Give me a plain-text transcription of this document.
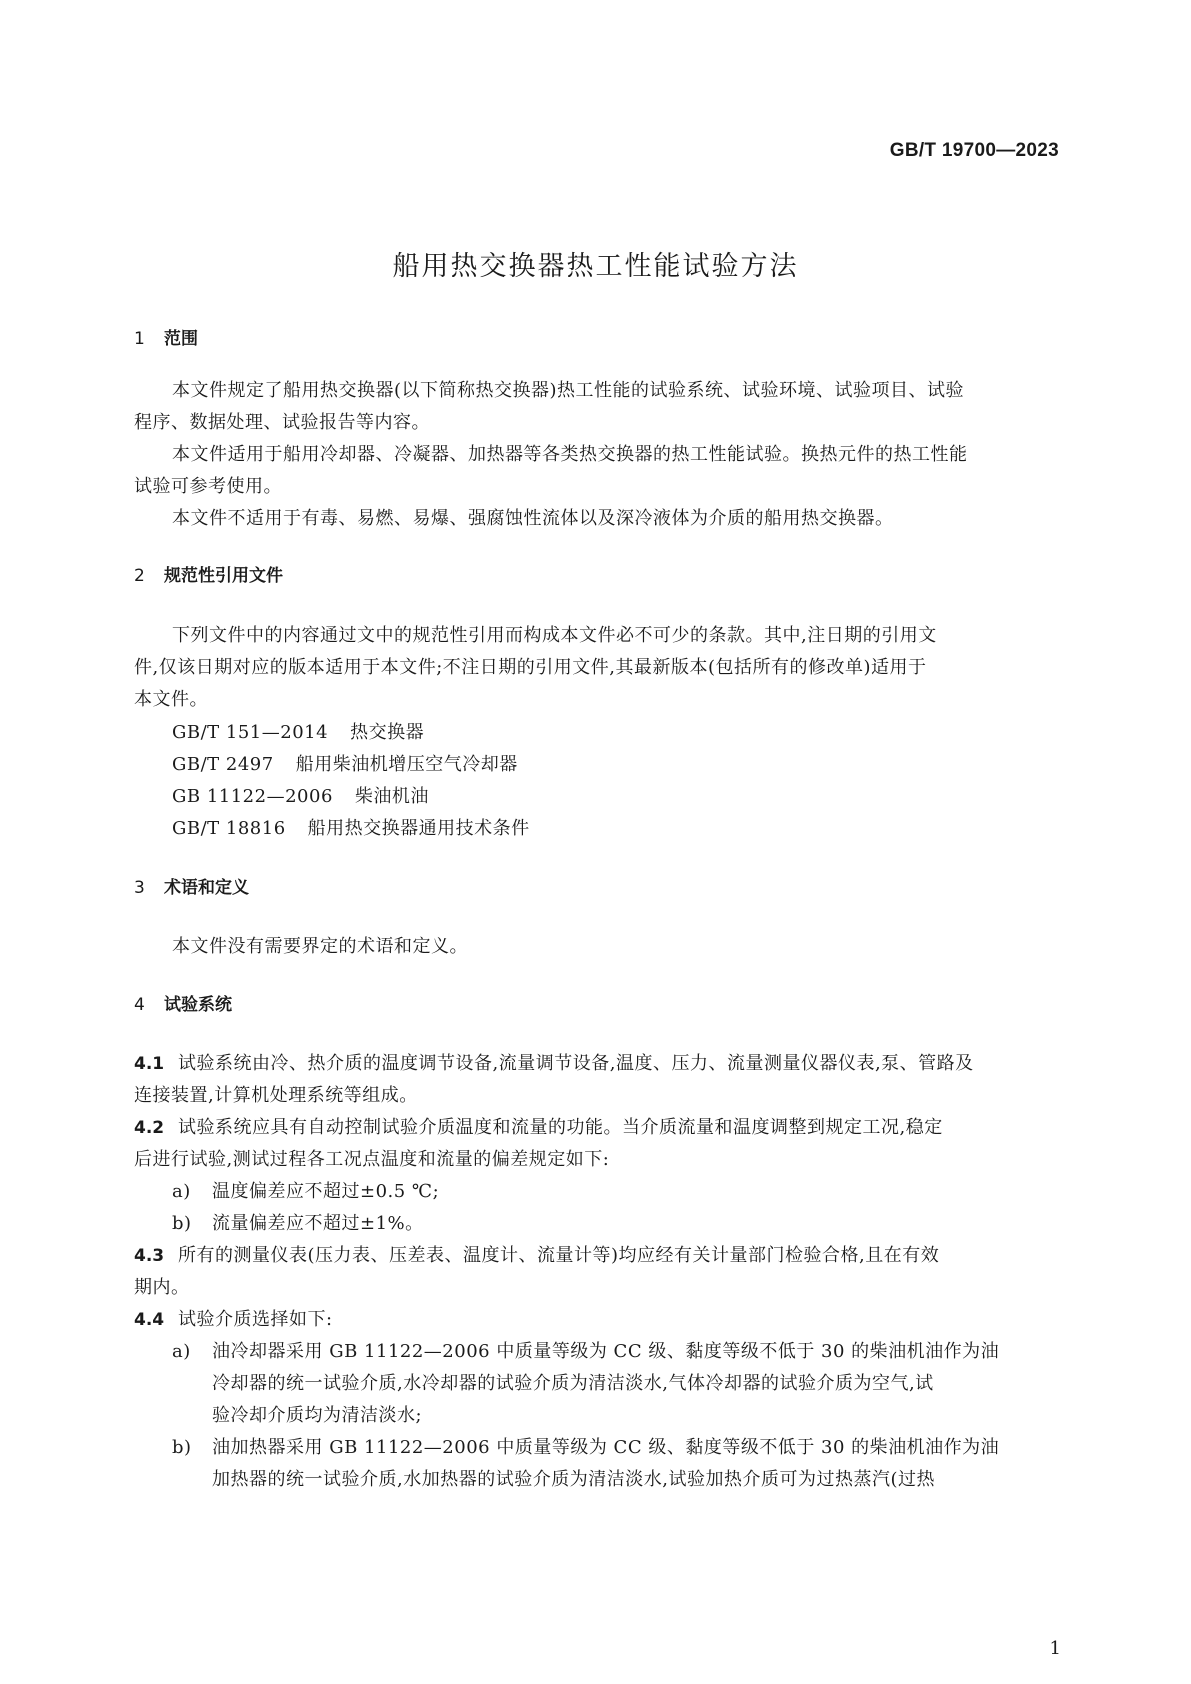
GB/T 19700—2023
船用热交换器热工性能试验方法
1 范围
本文件规定了船用热交换器(以下简称热交换器)热工性能的试验系统、试验环境、试验项目、试验
程序、数据处理、试验报告等内容。
本文件适用于船用冷却器、冷凝器、加热器等各类热交换器的热工性能试验。换热元件的热工性能
试验可参考使用。
本文件不适用于有毒、易燃、易爆、强腐蚀性流体以及深冷液体为介质的船用热交换器。
2 规范性引用文件
下列文件中的内容通过文中的规范性引用而构成本文件必不可少的条款。其中,注日期的引用文
件,仅该日期对应的版本适用于本文件;不注日期的引用文件,其最新版本(包括所有的修改单)适用于
本文件。
GB/T 151—2014 热交换器
GB/T 2497 船用柴油机增压空气冷却器
GB 11122—2006 柴油机油
GB/T 18816 船用热交换器通用技术条件
3 术语和定义
本文件没有需要界定的术语和定义。
4 试验系统
4.1 试验系统由冷、热介质的温度调节设备,流量调节设备,温度、压力、流量测量仪器仪表,泵、管路及
连接装置,计算机处理系统等组成。
4.2 试验系统应具有自动控制试验介质温度和流量的功能。当介质流量和温度调整到规定工况,稳定
后进行试验,测试过程各工况点温度和流量的偏差规定如下:
a) 温度偏差应不超过±0.5 ℃;
b) 流量偏差应不超过±1%。
4.3 所有的测量仪表(压力表、压差表、温度计、流量计等)均应经有关计量部门检验合格,且在有效
期内。
4.4 试验介质选择如下:
a) 油冷却器采用 GB 11122—2006 中质量等级为 CC 级、黏度等级不低于 30 的柴油机油作为油
冷却器的统一试验介质,水冷却器的试验介质为清洁淡水,气体冷却器的试验介质为空气,试
验冷却介质均为清洁淡水;
b) 油加热器采用 GB 11122—2006 中质量等级为 CC 级、黏度等级不低于 30 的柴油机油作为油
加热器的统一试验介质,水加热器的试验介质为清洁淡水,试验加热介质可为过热蒸汽(过热
1
